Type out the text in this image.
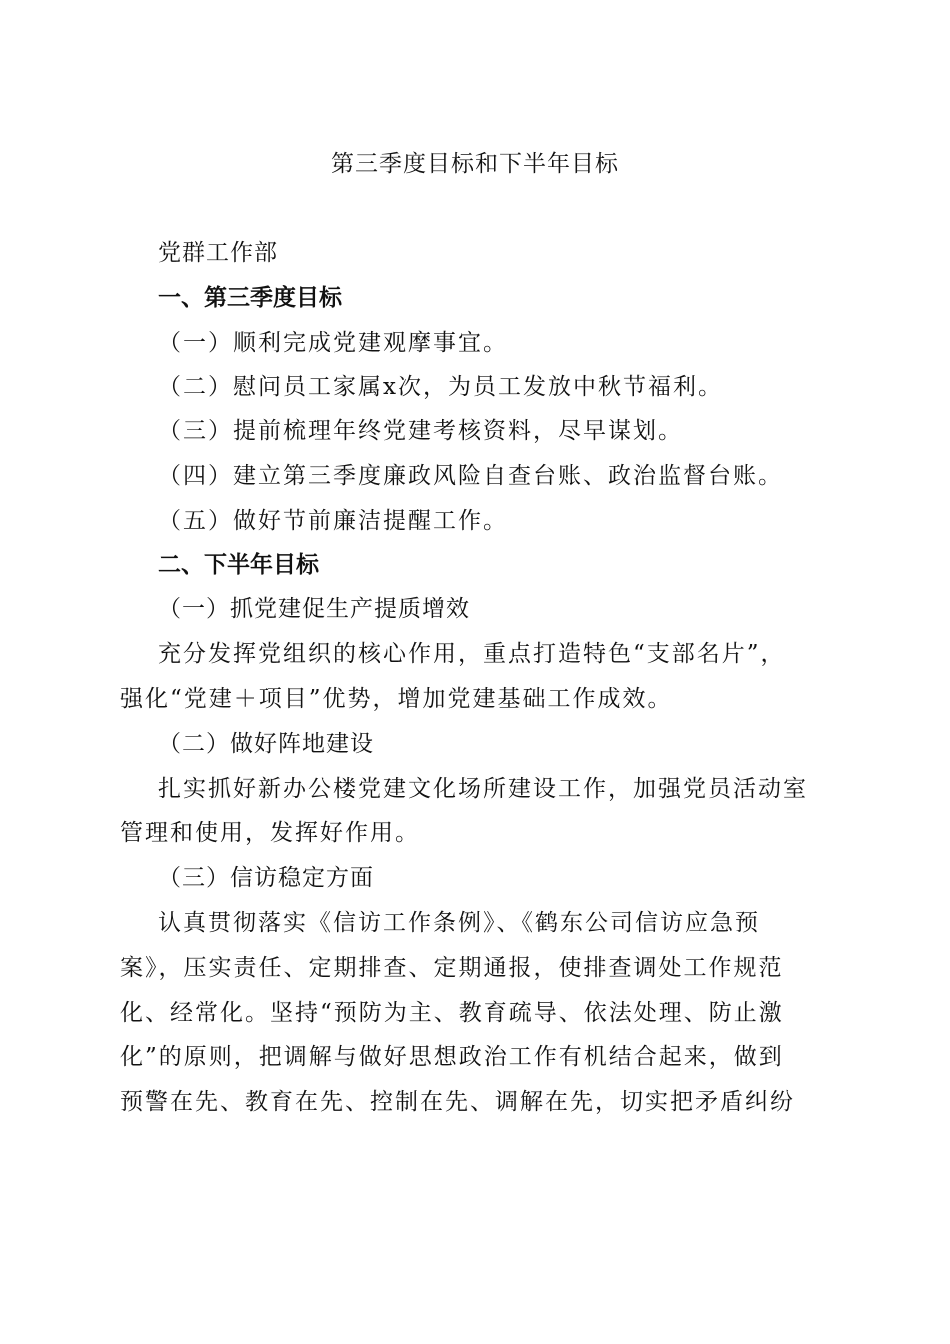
第三季度目标和下半年目标
党群工作部
一、第三季度目标
（一）顺利完成党建观摩事宜。
（二）慰问员工家属x次，为员工发放中秋节福利。
（三）提前梳理年终党建考核资料，尽早谋划。
（四）建立第三季度廉政风险自查台账、政治监督台账。
（五）做好节前廉洁提醒工作。
二、下半年目标
（一）抓党建促生产提质增效
充分发挥党组织的核心作用，重点打造特色“支部名片”，
强化“党建＋项目”优势，增加党建基础工作成效。
（二）做好阵地建设
扎实抓好新办公楼党建文化场所建设工作，加强党员活动室
管理和使用，发挥好作用。
（三）信访稳定方面
认真贯彻落实《信访工作条例》、《鹤东公司信访应急预
案》，压实责任、定期排查、定期通报，使排查调处工作规范
化、经常化。坚持“预防为主、教育疏导、依法处理、防止激
化”的原则，把调解与做好思想政治工作有机结合起来，做到
预警在先、教育在先、控制在先、调解在先，切实把矛盾纠纷
